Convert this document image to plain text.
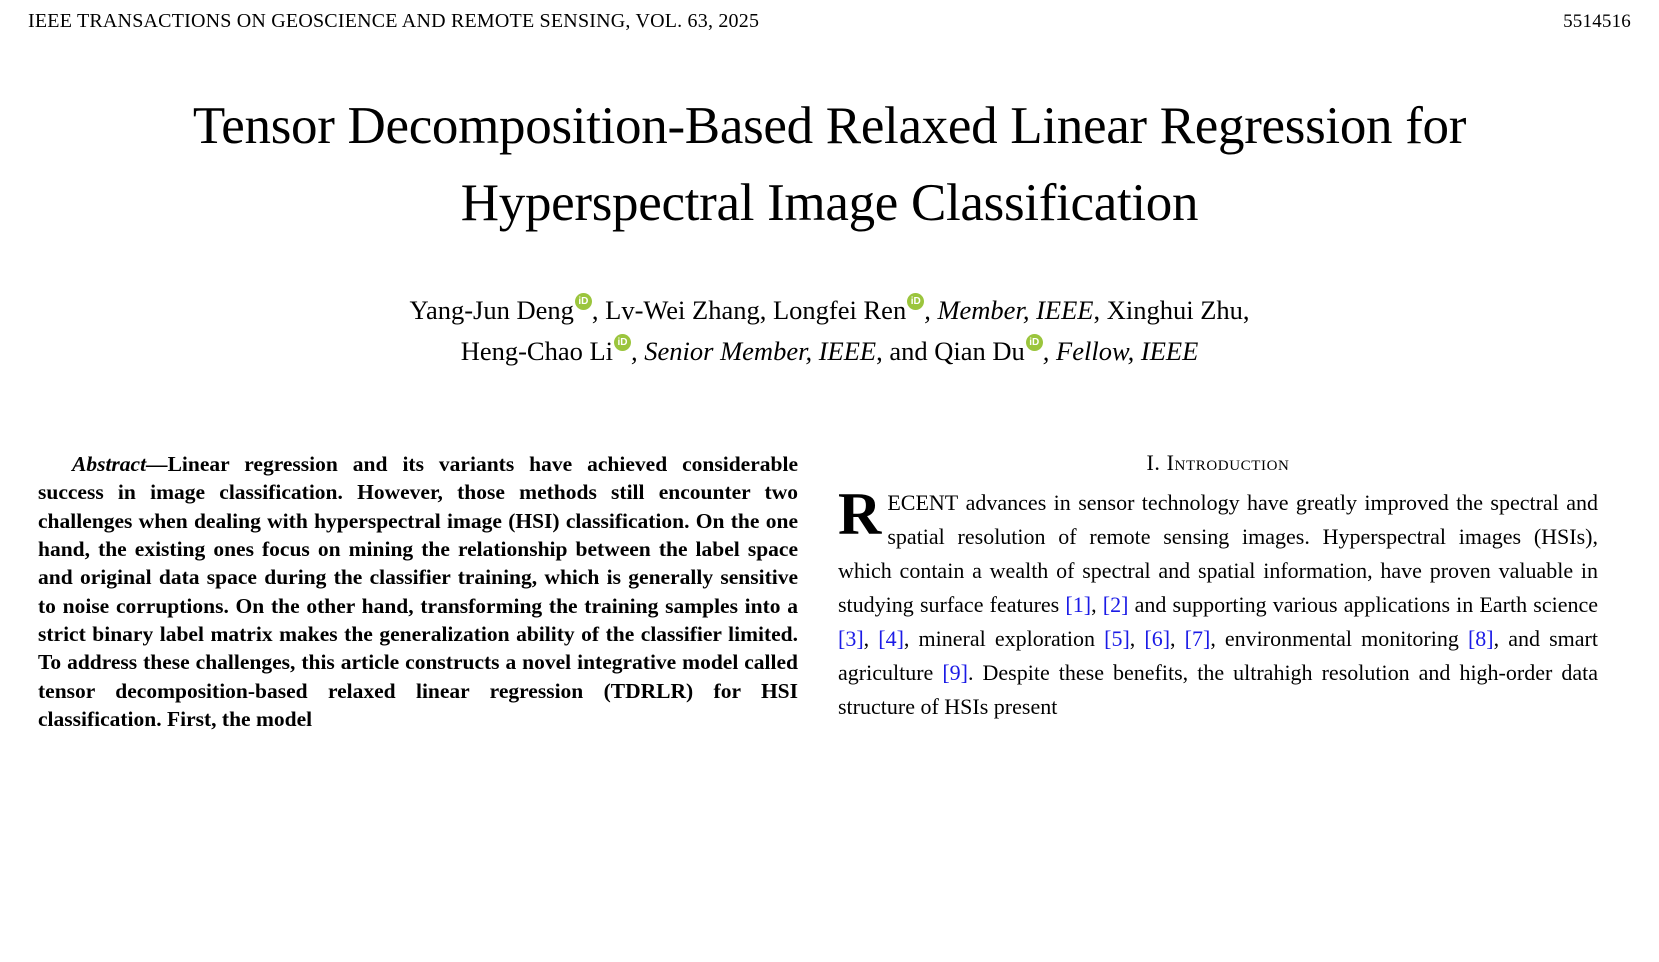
IEEE TRANSACTIONS ON GEOSCIENCE AND REMOTE SENSING, VOL. 63, 2025	5514516
Tensor Decomposition-Based Relaxed Linear Regression for Hyperspectral Image Classification
Yang-Jun Deng iD , Lv-Wei Zhang, Longfei Ren iD , Member, IEEE, Xinghui Zhu,
Heng-Chao Li iD , Senior Member, IEEE, and Qian Du iD , Fellow, IEEE
Abstract—Linear regression and its variants have achieved considerable success in image classification. However, those methods still encounter two challenges when dealing with hyperspectral image (HSI) classification. On the one hand, the existing ones focus on mining the relationship between the label space and original data space during the classifier training, which is generally sensitive to noise corruptions. On the other hand, transforming the training samples into a strict binary label matrix makes the generalization ability of the classifier limited. To address these challenges, this article constructs a novel integrative model called tensor decomposition-based relaxed linear regression (TDRLR) for HSI classification. First, the model
I. Introduction
RECENT advances in sensor technology have greatly improved the spectral and spatial resolution of remote sensing images. Hyperspectral images (HSIs), which contain a wealth of spectral and spatial information, have proven valuable in studying surface features [1], [2] and supporting various applications in Earth science [3], [4], mineral exploration [5], [6], [7], environmental monitoring [8], and smart agriculture [9]. Despite these benefits, the ultrahigh resolution and high-order data structure of HSIs present
